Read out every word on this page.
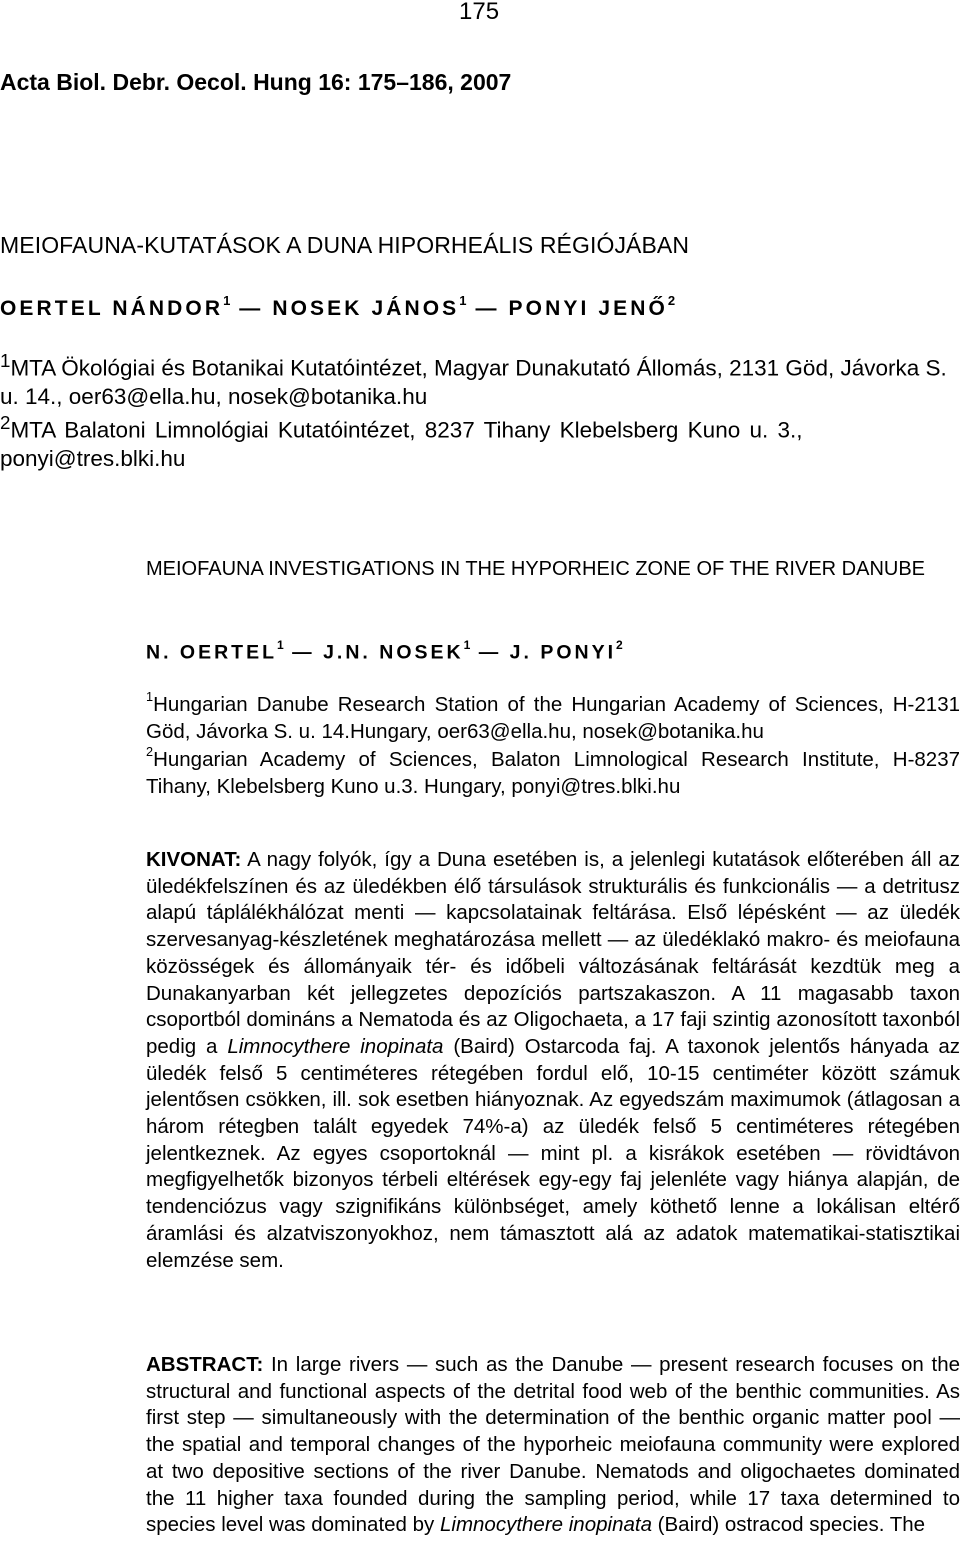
175
Acta Biol. Debr. Oecol. Hung 16: 175–186, 2007
MEIOFAUNA-KUTATÁSOK A DUNA HIPORHEÁLIS RÉGIÓJÁBAN
OERTEL NÁNDOR$^1$ — NOSEK JÁNOS$^1$ — PONYI JENŐ$^2$

$^1$MTA Ökológiai és Botanikai Kutatóintézet, Magyar Dunakutató Állomás, 2131 Göd, Jávorka S. u. 14., oer63@ella.hu, nosek@botanika.hu

$^2$MTA Balatoni Limnológiai Kutatóintézet, 8237 Tihany Klebelsberg Kuno u. 3., ponyi@tres.blki.hu

MEIOFAUNA INVESTIGATIONS IN THE HYPORHEIC ZONE OF THE RIVER DANUBE

N. OERTEL$^1$ — J.N. NOSEK$^1$ — J. PONYI$^2$

$^1$Hungarian Danube Research Station of the Hungarian Academy of Sciences, H-2131 Göd, Jávorka S. u. 14.Hungary, oer63@ella.hu, nosek@botanika.hu

$^2$Hungarian Academy of Sciences, Balaton Limnological Research Institute, H-8237 Tihany, Klebelsberg Kuno u.3. Hungary, ponyi@tres.blki.hu

KIVONAT: A nagy folyók, így a Duna esetében is, a jelenlegi kutatások előterében áll az üledékfelszínen és az üledékben élő társulások strukturális és funkcionális — a detritusz alapú táplálékhálózat menti — kapcsolatainak feltárása. Első lépésként — az üledék szervesanyag-készletének meghatározása mellett — az üledéklakó makro- és meiofauna közösségek és állományaik tér- és időbeli változásának feltárását kezdtük meg a Dunakanyarban két jellegzetes depozíciós partszakaszon. A 11 magasabb taxon csoportból domináns a Nematoda és az Oligochaeta, a 17 faji szintig azonosított taxonból pedig a Limnocythere inopinata (Baird) Ostarcoda faj. A taxonok jelentős hányada az üledék felső 5 centiméteres rétegében fordul elő, 10-15 centiméter között számuk jelentősen csökken, ill. sok esetben hiányoznak. Az egyedszám maximumok (átlagosan a három rétegben talált egyedek 74%-a) az üledék felső 5 centiméteres rétegében jelentkeznek. Az egyes csoportoknál — mint pl. a kisrákok esetében — rövidtávon megfigyelhetők bizonyos térbeli eltérések egy-egy faj jelenléte vagy hiánya alapján, de tendenciózus vagy szignifikáns különbséget, amely köthető lenne a lokálisan eltérő áramlási és alzatviszonyokhoz, nem támasztott alá az adatok matematikai-statisztikai elemzése sem.

ABSTRACT: In large rivers — such as the Danube — present research focuses on the structural and functional aspects of the detrital food web of the benthic communities. As first step — simultaneously with the determination of the benthic organic matter pool — the spatial and temporal changes of the hyporheic meiofauna community were explored at two depositive sections of the river Danube. Nematods and oligochaetes dominated the 11 higher taxa founded during the sampling period, while 17 taxa determined to species level was dominated by Limnocythere inopinata (Baird) ostracod species. The
